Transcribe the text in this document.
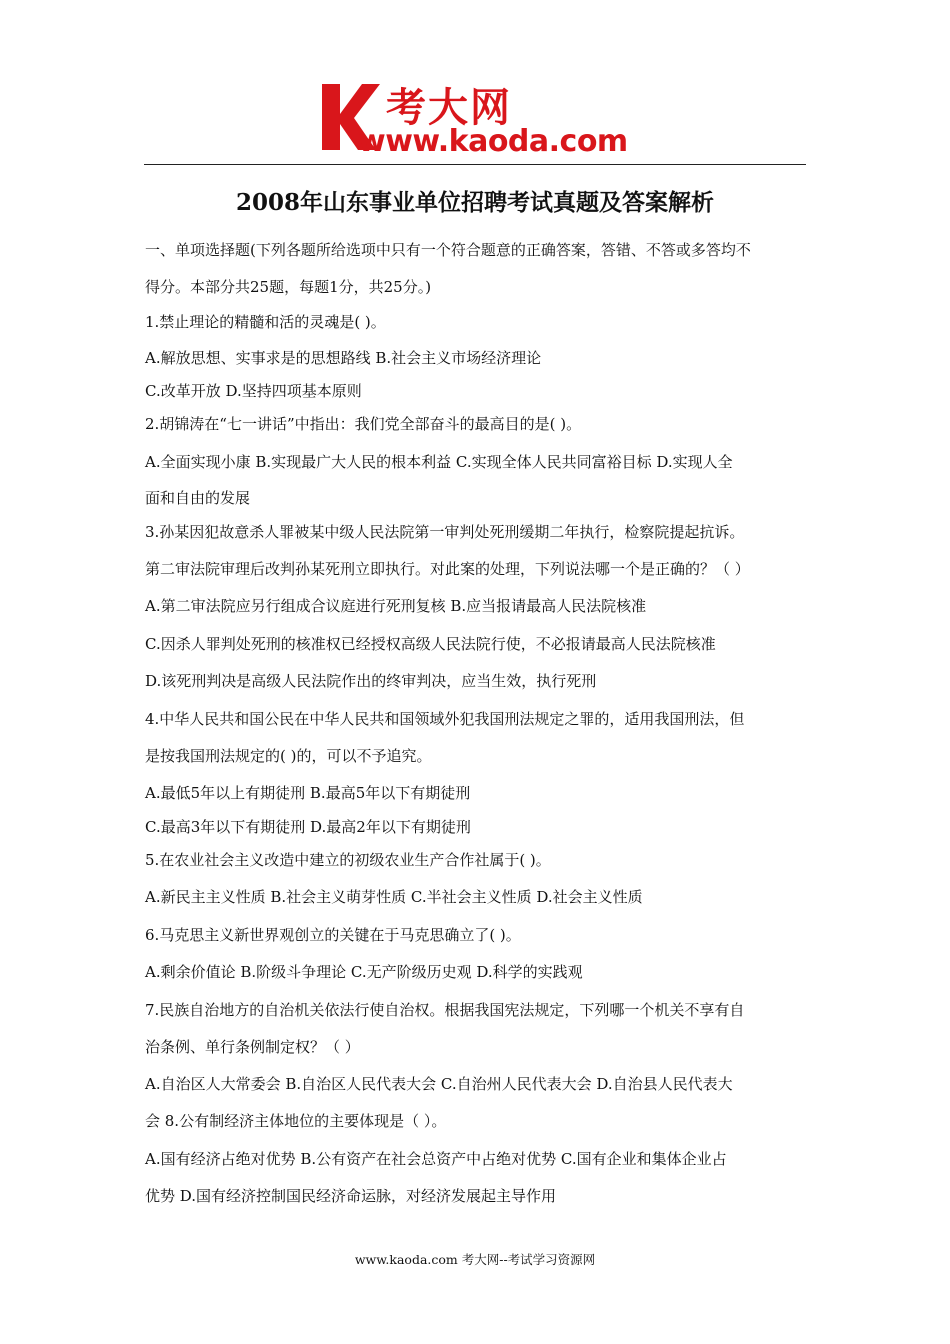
考大网
www.kaoda.com
2008年山东事业单位招聘考试真题及答案解析
一、单项选择题(下列各题所给选项中只有一个符合题意的正确答案，答错、不答或多答均不
得分。本部分共25题，每题1分，共25分。)
1.禁止理论的精髓和活的灵魂是( )。
A.解放思想、实事求是的思想路线 B.社会主义市场经济理论
C.改革开放 D.坚持四项基本原则
2.胡锦涛在“七一讲话”中指出：我们党全部奋斗的最高目的是( )。
A.全面实现小康 B.实现最广大人民的根本利益 C.实现全体人民共同富裕目标 D.实现人全
面和自由的发展
3.孙某因犯故意杀人罪被某中级人民法院第一审判处死刑缓期二年执行，检察院提起抗诉。
第二审法院审理后改判孙某死刑立即执行。对此案的处理，下列说法哪一个是正确的？（ ）
A.第二审法院应另行组成合议庭进行死刑复核 B.应当报请最高人民法院核准
C.因杀人罪判处死刑的核准权已经授权高级人民法院行使，不必报请最高人民法院核准
D.该死刑判决是高级人民法院作出的终审判决，应当生效，执行死刑
4.中华人民共和国公民在中华人民共和国领域外犯我国刑法规定之罪的，适用我国刑法，但
是按我国刑法规定的( )的，可以不予追究。
A.最低5年以上有期徒刑 B.最高5年以下有期徒刑
C.最高3年以下有期徒刑 D.最高2年以下有期徒刑
5.在农业社会主义改造中建立的初级农业生产合作社属于( )。
A.新民主主义性质 B.社会主义萌芽性质 C.半社会主义性质 D.社会主义性质
6.马克思主义新世界观创立的关键在于马克思确立了( )。
A.剩余价值论 B.阶级斗争理论 C.无产阶级历史观 D.科学的实践观
7.民族自治地方的自治机关依法行使自治权。根据我国宪法规定，下列哪一个机关不享有自
治条例、单行条例制定权？（ ）
A.自治区人大常委会 B.自治区人民代表大会 C.自治州人民代表大会 D.自治县人民代表大
会 8.公有制经济主体地位的主要体现是（ ）。
A.国有经济占绝对优势 B.公有资产在社会总资产中占绝对优势 C.国有企业和集体企业占
优势 D.国有经济控制国民经济命运脉，对经济发展起主导作用
www.kaoda.com 考大网--考试学习资源网
